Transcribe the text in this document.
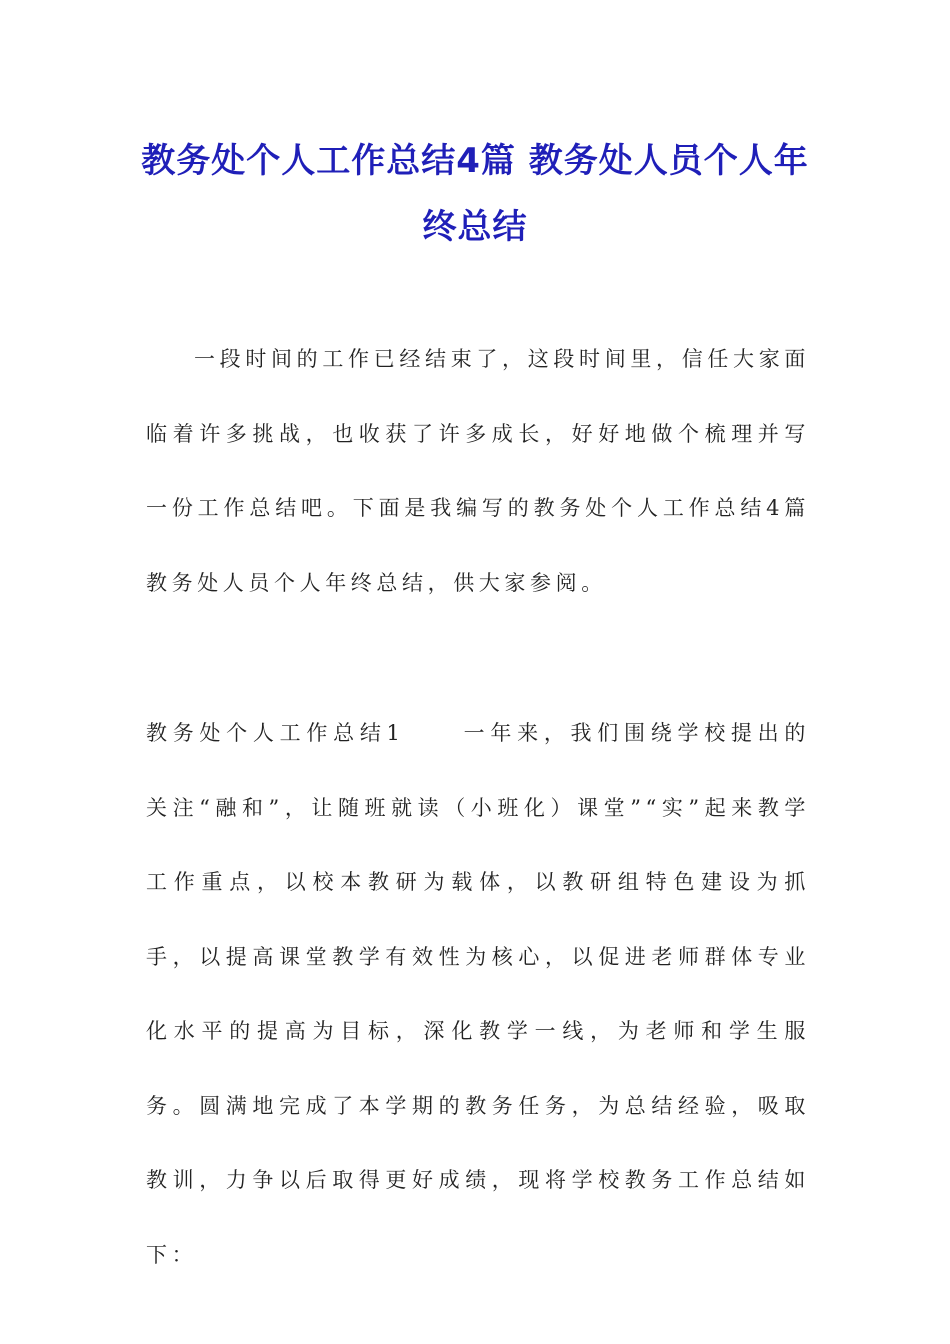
教务处个人工作总结4篇 教务处人员个人年终总结

一段时间的工作已经结束了，这段时间里，信任大家面临着许多挑战，也收获了许多成长，好好地做个梳理并写一份工作总结吧。下面是我编写的教务处个人工作总结4篇 教务处人员个人年终总结，供大家参阅。

教务处个人工作总结1	一年来，我们围绕学校提出的关注“融和”，让随班就读（小班化）课堂”“实”起来教学工作重点，以校本教研为载体，以教研组特色建设为抓手，以提高课堂教学有效性为核心，以促进老师群体专业化水平的提高为目标，深化教学一线，为老师和学生服务。圆满地完成了本学期的教务任务，为总结经验，吸取教训，力争以后取得更好成绩，现将学校教务工作总结如下：
